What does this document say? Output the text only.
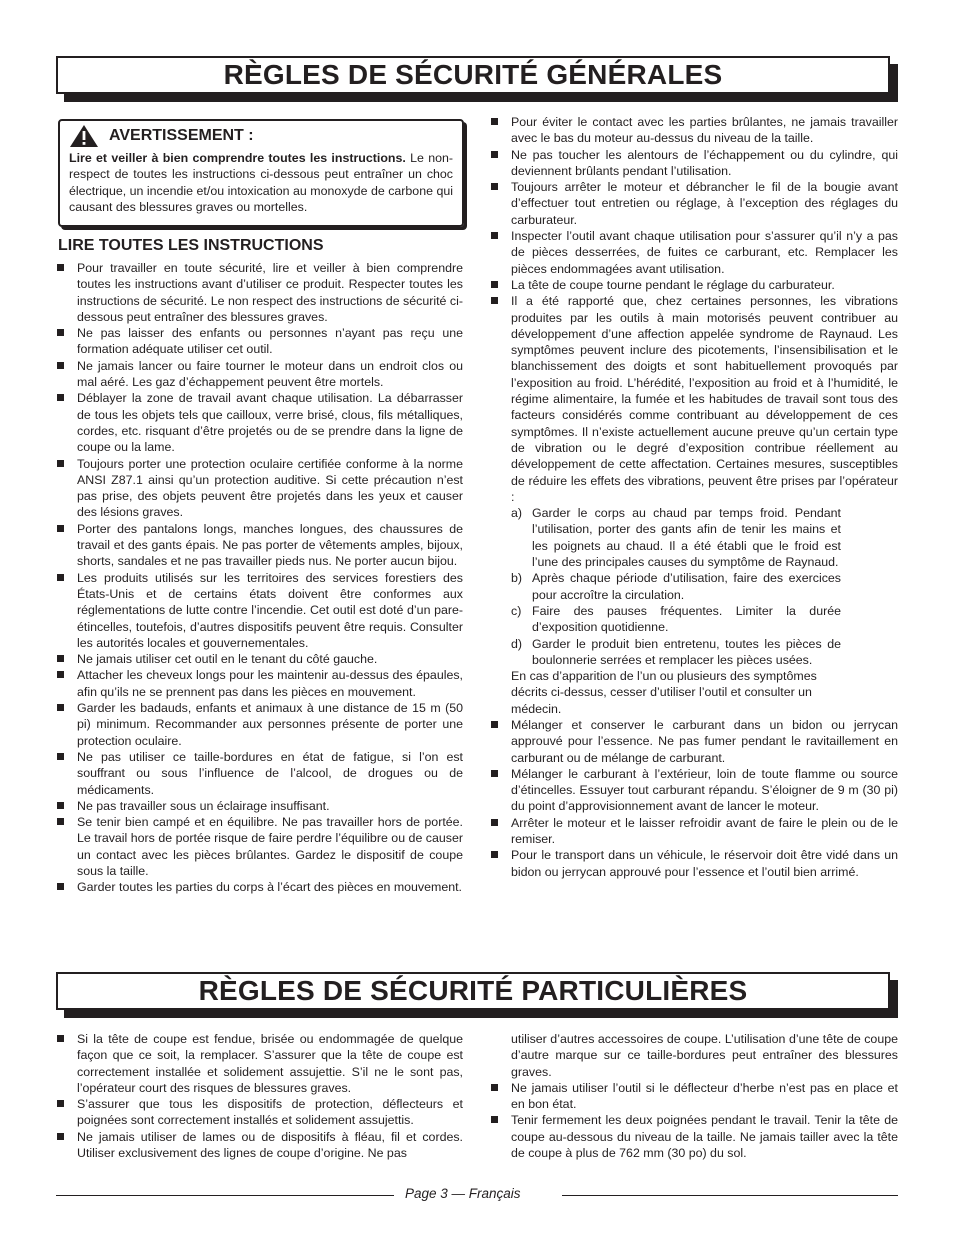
RÈGLES DE SÉCURITÉ GÉNÉRALES
AVERTISSEMENT :

Lire et veiller à bien comprendre toutes les instructions. Le non-respect de toutes les instructions ci-dessous peut entraîner un choc électrique, un incendie et/ou intoxication au monoxyde de carbone qui causant des blessures graves ou mortelles.

LIRE TOUTES LES INSTRUCTIONS
Pour travailler en toute sécurité, lire et veiller à bien comprendre toutes les instructions avant d’utiliser ce produit. Respecter toutes les instructions de sécurité. Le non respect des instructions de sécurité ci-dessous peut entraîner des blessures graves.
Ne pas laisser des enfants ou personnes n’ayant pas reçu une formation adéquate utiliser cet outil.
Ne jamais lancer ou faire tourner le moteur dans un endroit clos ou mal aéré. Les gaz d’échappement peuvent être mortels.
Déblayer la zone de travail avant chaque utilisation. La débarrasser de tous les objets tels que cailloux, verre brisé, clous, fils métalliques, cordes, etc. risquant d’être projetés ou de se prendre dans la ligne de coupe ou la lame.
Toujours porter une protection oculaire certifiée conforme à la norme ANSI Z87.1 ainsi qu’un protection auditive. Si cette précaution n’est pas prise, des objets peuvent être projetés dans les yeux et causer des lésions graves.
Porter des pantalons longs, manches longues, des chaussures de travail et des gants épais. Ne pas porter de vêtements amples, bijoux, shorts, sandales et ne pas travailler pieds nus. Ne porter aucun bijou.
Les produits utilisés sur les territoires des services forestiers des États-Unis et de certains états doivent être conformes aux réglementations de lutte contre l’incendie. Cet outil est doté d’un pare-étincelles, toutefois, d’autres dispositifs peuvent être requis. Consulter les autorités locales et gouvernementales.
Ne jamais utiliser cet outil en le tenant du côté gauche.
Attacher les cheveux longs pour les maintenir au-dessus des épaules, afin qu’ils ne se prennent pas dans les pièces en mouvement.
Garder les badauds, enfants et animaux à une distance de 15 m (50 pi) minimum. Recommander aux personnes présente de porter une protection oculaire.
Ne pas utiliser ce taille-bordures en état de fatigue, si l’on est souffrant ou sous l’influence de l’alcool, de drogues ou de médicaments.
Ne pas travailler sous un éclairage insuffisant.
Se tenir bien campé et en équilibre. Ne pas travailler hors de portée. Le travail hors de portée risque de faire perdre l’équilibre ou de causer un contact avec les pièces brûlantes. Gardez le dispositif de coupe sous la taille.
Garder toutes les parties du corps à l’écart des pièces en mouvement.
Pour éviter le contact avec les parties brûlantes, ne jamais travailler avec le bas du moteur au-dessus du niveau de la taille.
Ne pas toucher les alentours de l’échappement ou du cylindre, qui deviennent brûlants pendant l’utilisation.
Toujours arrêter le moteur et débrancher le fil de la bougie avant d’effectuer tout entretien ou réglage, à l’exception des réglages du carburateur.
Inspecter l’outil avant chaque utilisation pour s’assurer qu’il n’y a pas de pièces desserrées, de fuites ce carburant, etc. Remplacer les pièces endommagées avant utilisation.
La tête de coupe tourne pendant le réglage du carburateur.
Il a été rapporté que, chez certaines personnes, les vibrations produites par les outils à main motorisés peuvent contribuer au développement d’une affection appelée syndrome de Raynaud. Les symptômes peuvent inclure des picotements, l’insensibilisation et le blanchissement des doigts et sont habituellement provoqués par l’exposition au froid. L’hérédité, l’exposition au froid et à l’humidité, le régime alimentaire, la fumée et les habitudes de travail sont tous des facteurs considérés comme contribuant au développement de ces symptômes. Il n’existe actuellement aucune preuve qu’un certain type de vibration ou le degré d’exposition contribue réellement au développement de cette affectation. Certaines mesures, susceptibles de réduire les effets des vibrations, peuvent être prises par l’opérateur :
a) Garder le corps au chaud par temps froid. Pendant l’utilisation, porter des gants afin de tenir les mains et les poignets au chaud. Il a été établi que le froid est l’une des principales causes du symptôme de Raynaud.
b) Après chaque période d’utilisation, faire des exercices pour accroître la circulation.
c) Faire des pauses fréquentes. Limiter la durée d’exposition quotidienne.
d) Garder le produit bien entretenu, toutes les pièces de boulonnerie serrées et remplacer les pièces usées.
En cas d’apparition de l’un ou plusieurs des symptômes décrits ci-dessus, cesser d’utiliser l’outil et consulter un médecin.
Mélanger et conserver le carburant dans un bidon ou jerrycan approuvé pour l’essence. Ne pas fumer pendant le ravitaillement en carburant ou de mélange de carburant.
Mélanger le carburant à l’extérieur, loin de toute flamme ou source d’étincelles. Essuyer tout carburant répandu. S’éloigner de 9 m (30 pi) du point d’approvisionnement avant de lancer le moteur.
Arrêter le moteur et le laisser refroidir avant de faire le plein ou de le remiser.
Pour le transport dans un véhicule, le réservoir doit être vidé dans un bidon ou jerrycan approuvé pour l’essence et l’outil bien arrimé.
RÈGLES DE SÉCURITÉ PARTICULIÈRES
Si la tête de coupe est fendue, brisée ou endommagée de quelque façon que ce soit, la remplacer. S’assurer que la tête de coupe est correctement installée et solidement assujettie. S’il ne le sont pas, l’opérateur court des risques de blessures graves.
S’assurer que tous les dispositifs de protection, déflecteurs et poignées sont correctement installés et solidement assujettis.
Ne jamais utiliser de lames ou de dispositifs à fléau, fil et cordes. Utiliser exclusivement des lignes de coupe d’origine. Ne pas
utiliser d’autres accessoires de coupe. L’utilisation d’une tête de coupe d’autre marque sur ce taille-bordures peut entraîner des blessures graves.
Ne jamais utiliser l’outil si le déflecteur d’herbe n’est pas en place et en bon état.
Tenir fermement les deux poignées pendant le travail. Tenir la tête de coupe au-dessous du niveau de la taille. Ne jamais tailler avec la tête de coupe à plus de 762 mm (30 po) du sol.
Page 3 — Français
